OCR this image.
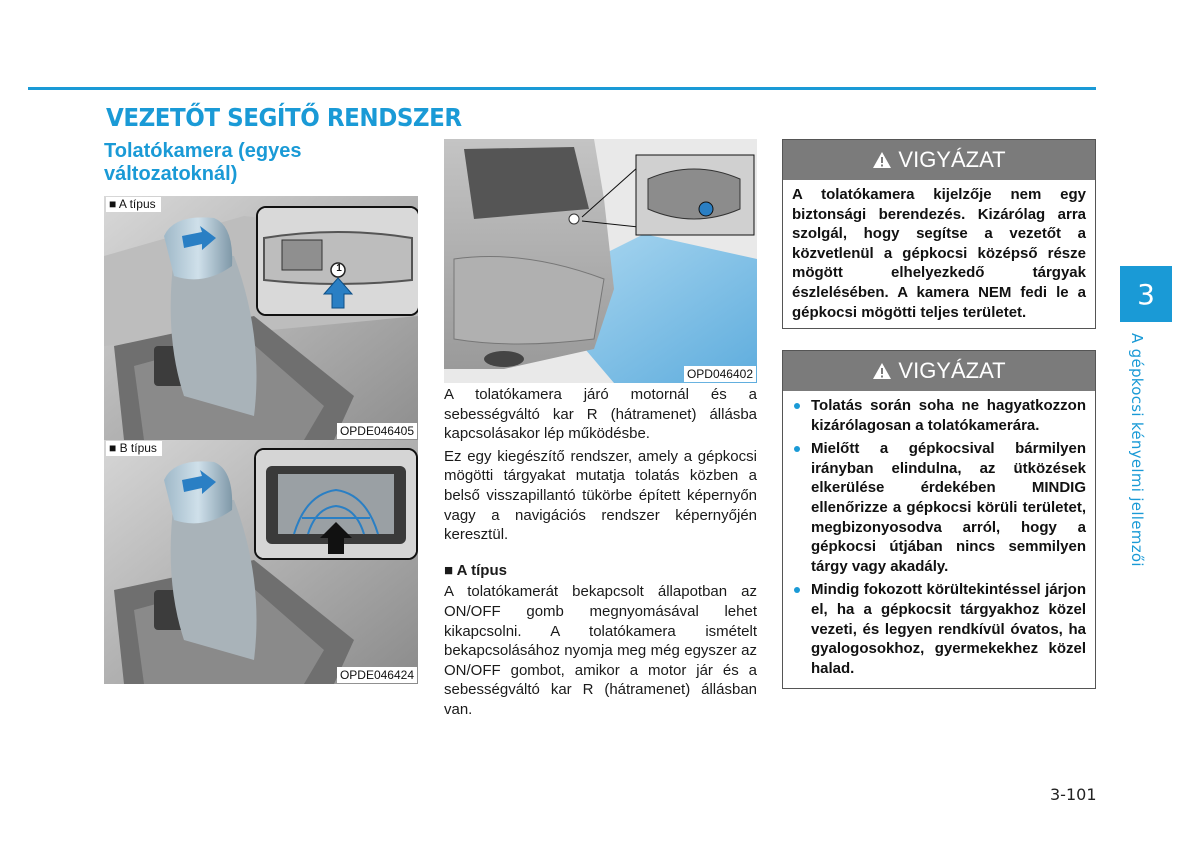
VEZETŐT SEGÍTŐ RENDSZER
Tolatókamera (egyes változatoknál)
■ A típus
1
OPDE046405
■ B típus
OPDE046424
OPD046402

A tolatókamera járó motornál és a sebességváltó kar R (hátramenet) állásba kapcsolásakor lép működésbe.

Ez egy kiegészítő rendszer, amely a gépkocsi mögötti tárgyakat mutatja tolatás közben a belső visszapillantó tükörbe épített képernyőn vagy a navigációs rendszer képernyőjén keresztül.

■ A típus

A tolatókamerát bekapcsolt állapotban az ON/OFF gomb megnyomásával lehet kikapcsolni. A tolatókamera ismételt bekapcsolásához nyomja meg még egyszer az ON/OFF gombot, amikor a motor jár és a sebességváltó kar R (hátramenet) állásban van.

VIGYÁZAT
A tolatókamera kijelzője nem egy biztonsági berendezés. Kizárólag arra szolgál, hogy segítse a vezetőt a közvetlenül a gépkocsi középső része mögött elhelyezkedő tárgyak észlelésében. A kamera NEM fedi le a gépkocsi mögötti teljes területet.
VIGYÁZAT
Tolatás során soha ne hagyatkozzon kizárólagosan a tolatókamerára.
Mielőtt a gépkocsival bármilyen irányban elindulna, az ütközések elkerülése érdekében MINDIG ellenőrizze a gépkocsi körüli területet, megbizonyosodva arról, hogy a gépkocsi útjában nincs semmilyen tárgy vagy akadály.
Mindig fokozott körültekintéssel járjon el, ha a gépkocsit tárgyakhoz közel vezeti, és legyen rendkívül óvatos, ha gyalogosokhoz, gyermekekhez közel halad.
3
A gépkocsi kényelmi jellemzői
3-101
